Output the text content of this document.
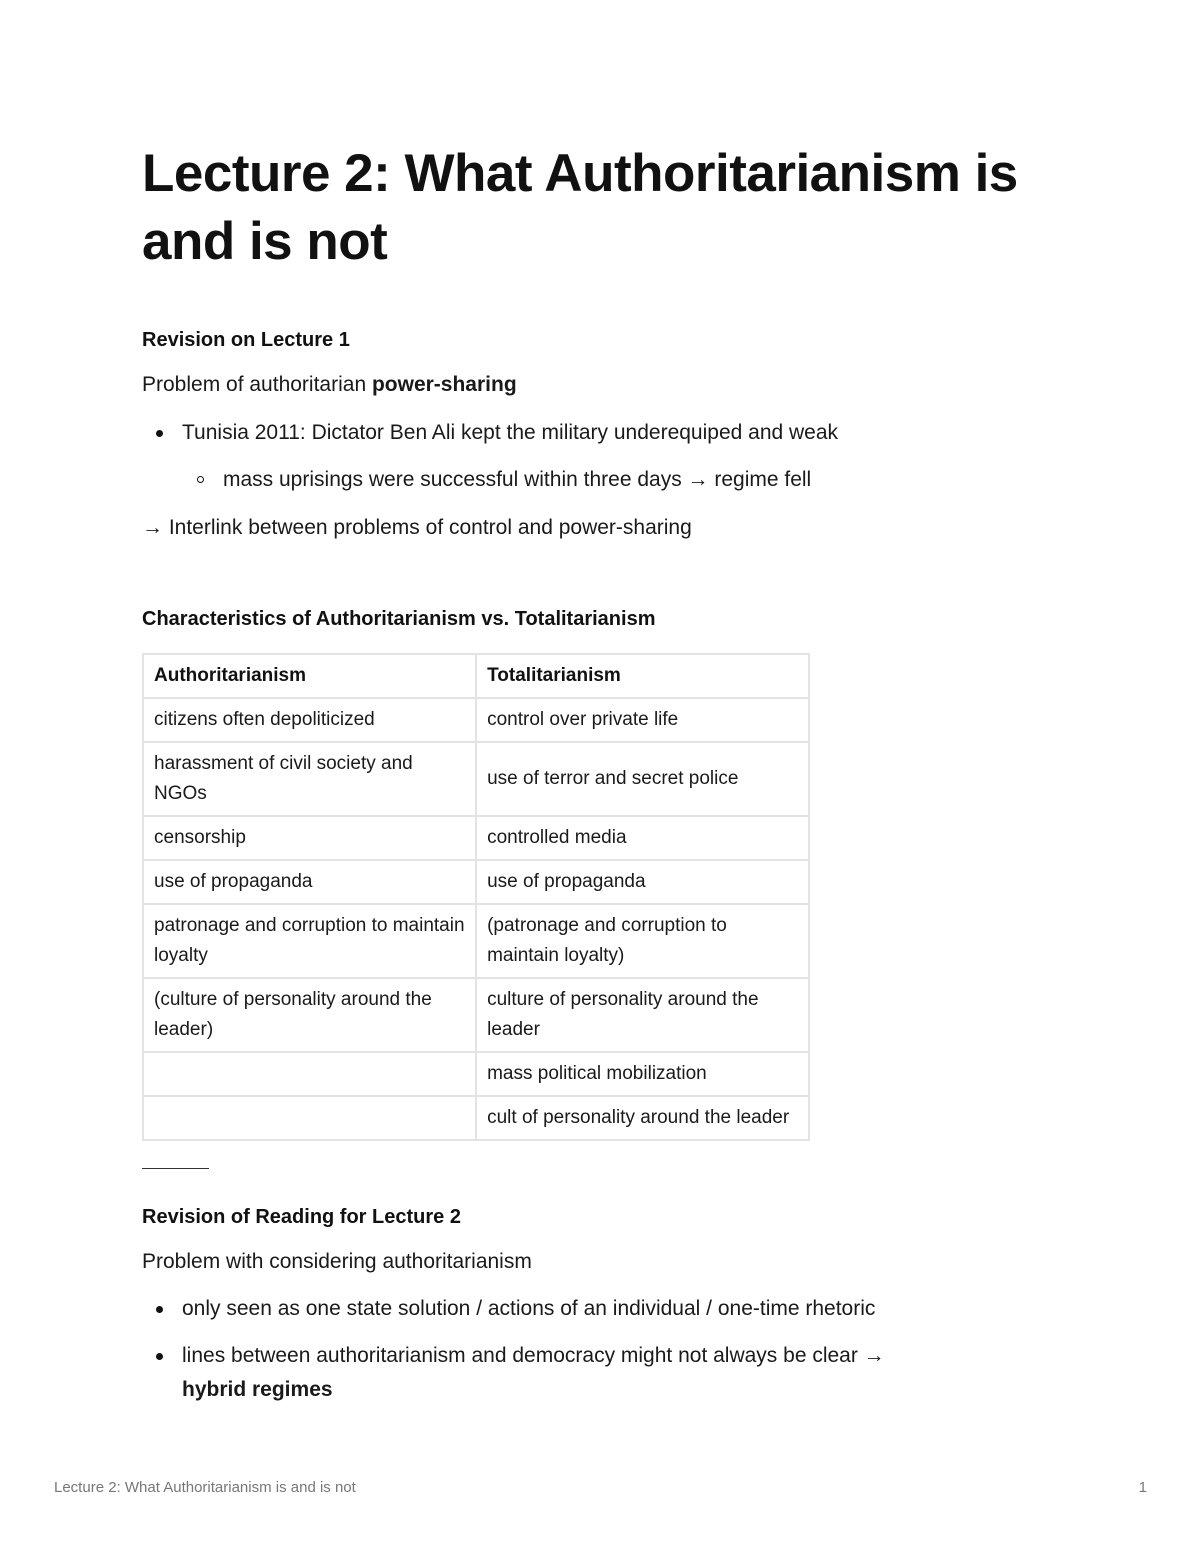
Lecture 2: What Authoritarianism is and is not
Revision on Lecture 1

Problem of authoritarian power-sharing

Tunisia 2011: Dictator Ben Ali kept the military underequiped and weak

mass uprisings were successful within three days → regime fell

→ Interlink between problems of control and power-sharing

Characteristics of Authoritarianism vs. Totalitarianism
Authoritarianism	Totalitarianism
citizens often depoliticized	control over private life
harassment of civil society and NGOs	use of terror and secret police
censorship	controlled media
use of propaganda	use of propaganda
patronage and corruption to maintain loyalty	(patronage and corruption to maintain loyalty)
(culture of personality around the leader)	culture of personality around the leader
	mass political mobilization
	cult of personality around the leader
Revision of Reading for Lecture 2

Problem with considering authoritarianism

only seen as one state solution / actions of an individual / one-time rhetoric

lines between authoritarianism and democracy might not always be clear →
hybrid regimes

Lecture 2: What Authoritarianism is and is not	1
